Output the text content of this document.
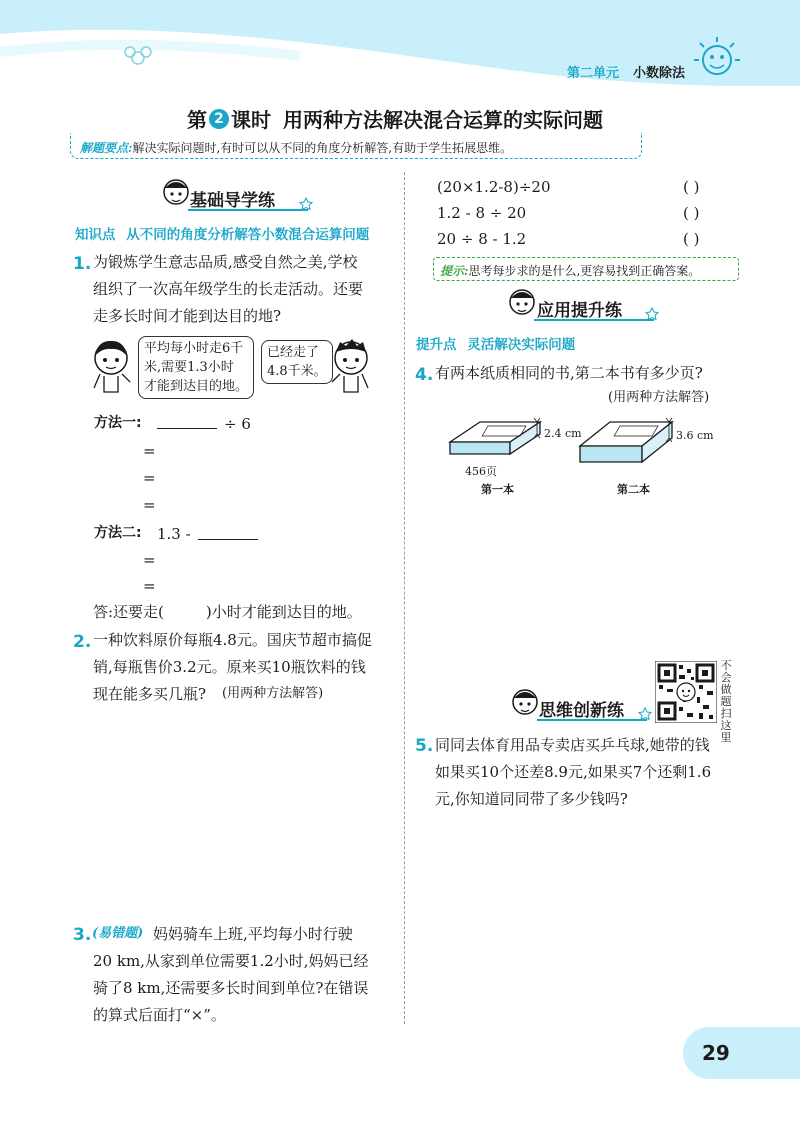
第二单元 小数除法
第 2 课时 用两种方法解决混合运算的实际问题
解题要点:解决实际问题时,有时可以从不同的角度分析解答,有助于学生拓展思维。
基础导学练
知识点 从不同的角度分析解答小数混合运算问题
1. 为锻炼学生意志品质,感受自然之美,学校
组织了一次高年级学生的长走活动。还要
走多长时间才能到达目的地?
平均每小时走6千
米,需要1.3小时
才能到达目的地。
已经走了
4.8千米。
方法一:	÷ 6
=
=
=
方法二: 1.3 -
=
=
答:还要走(	)小时才能到达目的地。
2. 一种饮料原价每瓶4.8元。国庆节超市搞促
销,每瓶售价3.2元。原来买10瓶饮料的钱
现在能多买几瓶? (用两种方法解答)
3. (易错题) 妈妈骑车上班,平均每小时行驶
20 km,从家到单位需要1.2小时,妈妈已经
骑了8 km,还需要多长时间到单位?在错误
的算式后面打“×”。
(20×1.2-8)÷20	( )
1.2 - 8 ÷ 20	( )
20 ÷ 8 - 1.2	( )
提示:思考每步求的是什么,更容易找到正确答案。
应用提升练
提升点 灵活解决实际问题
4. 有两本纸质相同的书,第二本书有多少页?
(用两种方法解答)
2.4 cm	3.6 cm
456页
第一本	第二本
思维创新练
不会做题扫这里
5. 同同去体育用品专卖店买乒乓球,她带的钱
如果买10个还差8.9元,如果买7个还剩1.6
元,你知道同同带了多少钱吗?
29
